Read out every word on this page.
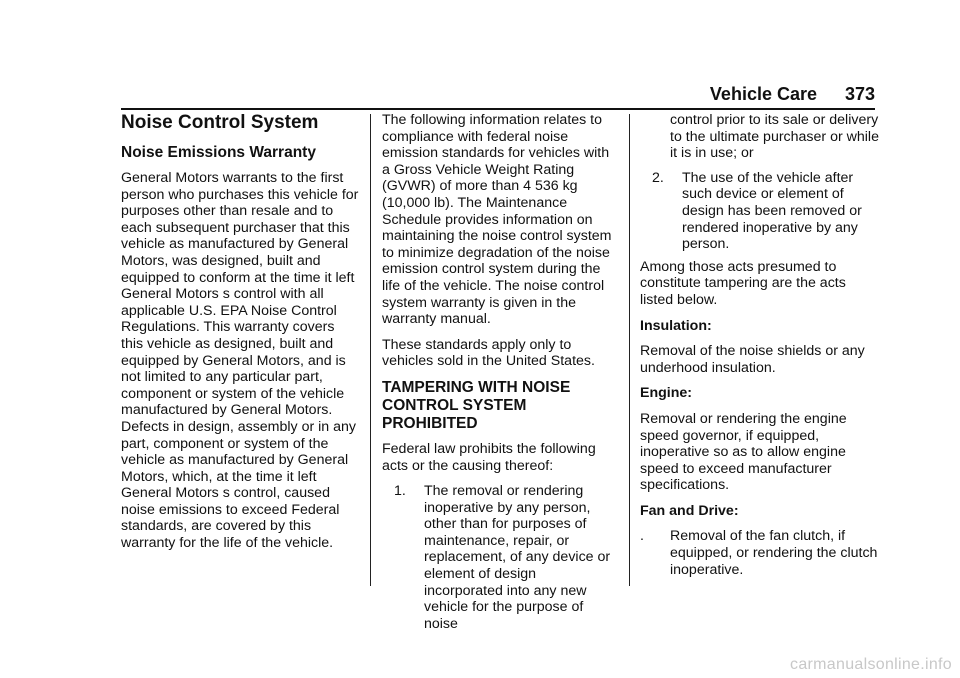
Vehicle Care 373
Noise Control System
Noise Emissions Warranty

General Motors warrants to the first person who purchases this vehicle for purposes other than resale and to each subsequent purchaser that this vehicle as manufactured by General Motors, was designed, built and equipped to conform at the time it left General Motors s control with all applicable U.S. EPA Noise Control Regulations. This warranty covers this vehicle as designed, built and equipped by General Motors, and is not limited to any particular part, component or system of the vehicle manufactured by General Motors. Defects in design, assembly or in any part, component or system of the vehicle as manufactured by General Motors, which, at the time it left General Motors s control, caused noise emissions to exceed Federal standards, are covered by this warranty for the life of the vehicle.

The following information relates to compliance with federal noise emission standards for vehicles with a Gross Vehicle Weight Rating (GVWR) of more than 4 536 kg (10,000 lb). The Maintenance Schedule provides information on maintaining the noise control system to minimize degradation of the noise emission control system during the life of the vehicle. The noise control system warranty is given in the warranty manual.

These standards apply only to vehicles sold in the United States.

TAMPERING WITH NOISE CONTROL SYSTEM PROHIBITED

Federal law prohibits the following acts or the causing thereof:

1.	The removal or rendering inoperative by any person, other than for purposes of maintenance, repair, or replacement, of any device or element of design incorporated into any new vehicle for the purpose of noise
control prior to its sale or delivery to the ultimate purchaser or while it is in use; or
2.	The use of the vehicle after such device or element of design has been removed or rendered inoperative by any person.

Among those acts presumed to constitute tampering are the acts listed below.

Insulation:

Removal of the noise shields or any underhood insulation.

Engine:

Removal or rendering the engine speed governor, if equipped, inoperative so as to allow engine speed to exceed manufacturer specifications.

Fan and Drive:

.	Removal of the fan clutch, if equipped, or rendering the clutch inoperative.
carmanualsonline.info
